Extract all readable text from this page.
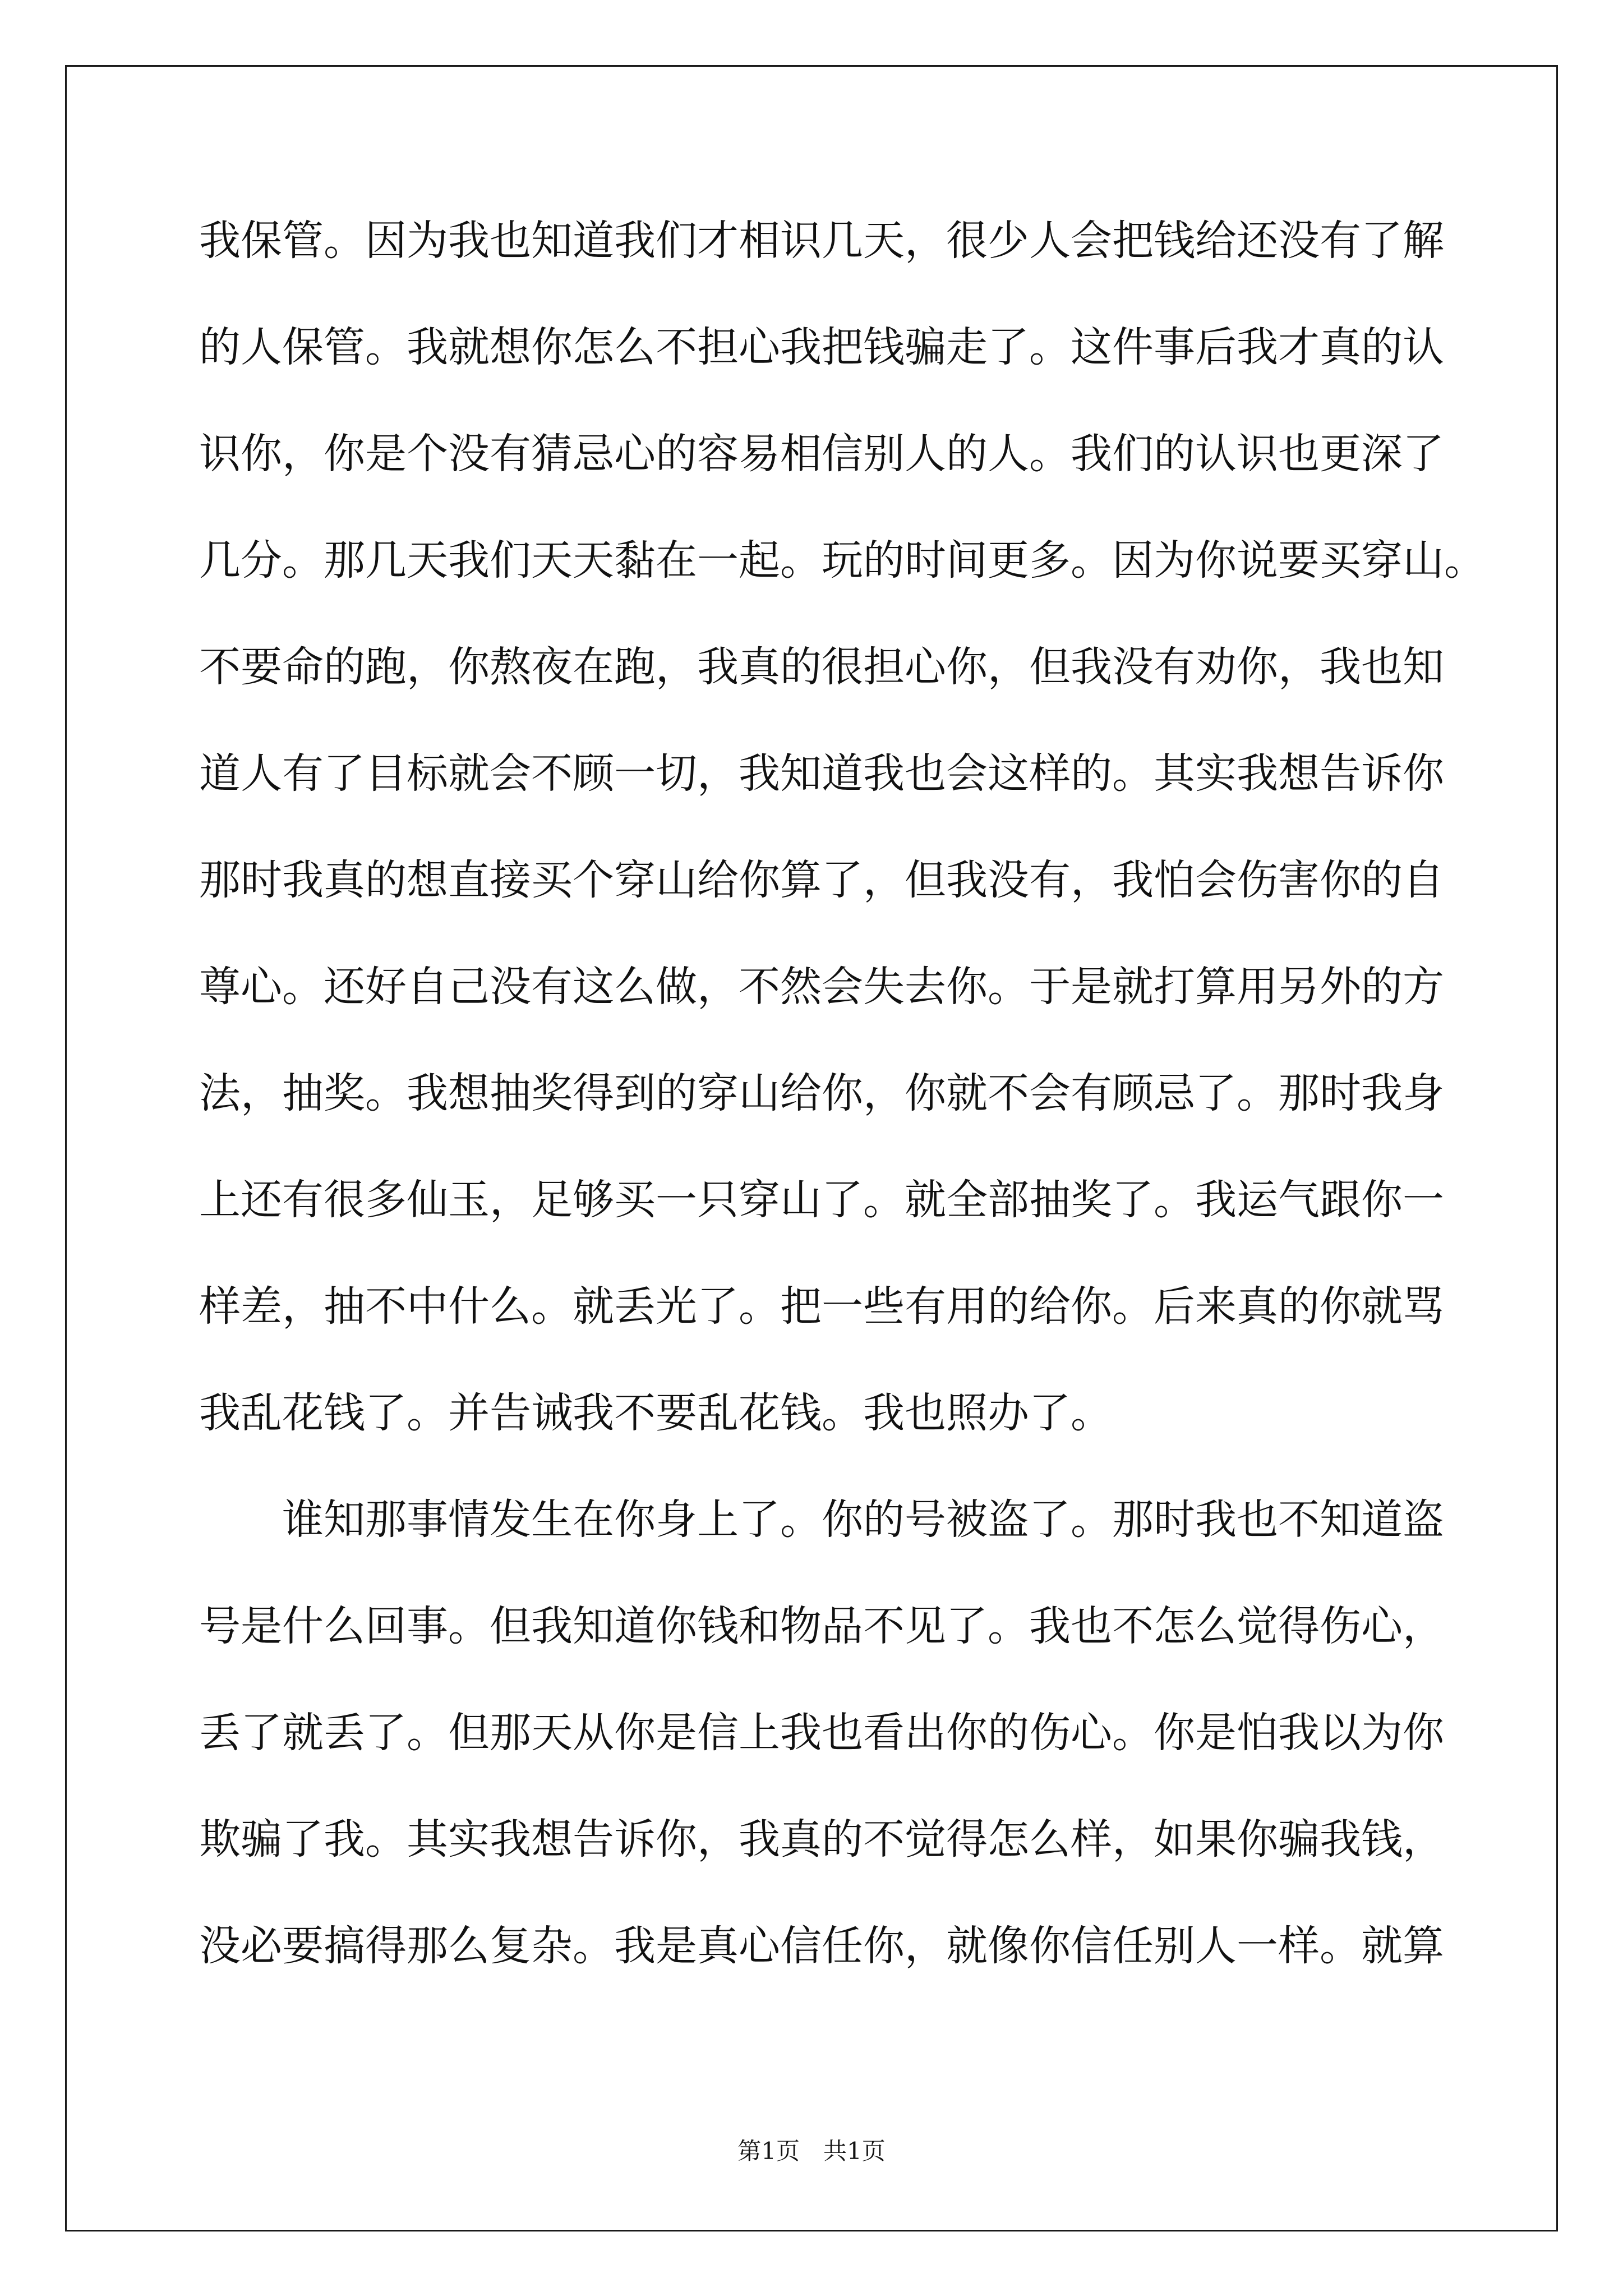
我保管。因为我也知道我们才相识几天，很少人会把钱给还没有了解
的人保管。我就想你怎么不担心我把钱骗走了。这件事后我才真的认
识你，你是个没有猜忌心的容易相信别人的人。我们的认识也更深了
几分。那几天我们天天黏在一起。玩的时间更多。因为你说要买穿山。
不要命的跑，你熬夜在跑，我真的很担心你，但我没有劝你，我也知
道人有了目标就会不顾一切，我知道我也会这样的。其实我想告诉你
那时我真的想直接买个穿山给你算了，但我没有，我怕会伤害你的自
尊心。还好自己没有这么做，不然会失去你。于是就打算用另外的方
法，抽奖。我想抽奖得到的穿山给你，你就不会有顾忌了。那时我身
上还有很多仙玉，足够买一只穿山了。就全部抽奖了。我运气跟你一
样差，抽不中什么。就丢光了。把一些有用的给你。后来真的你就骂
我乱花钱了。并告诫我不要乱花钱。我也照办了。
　　谁知那事情发生在你身上了。你的号被盗了。那时我也不知道盗
号是什么回事。但我知道你钱和物品不见了。我也不怎么觉得伤心，
丢了就丢了。但那天从你是信上我也看出你的伤心。你是怕我以为你
欺骗了我。其实我想告诉你，我真的不觉得怎么样，如果你骗我钱，
没必要搞得那么复杂。我是真心信任你，就像你信任别人一样。就算
第1页　共1页
